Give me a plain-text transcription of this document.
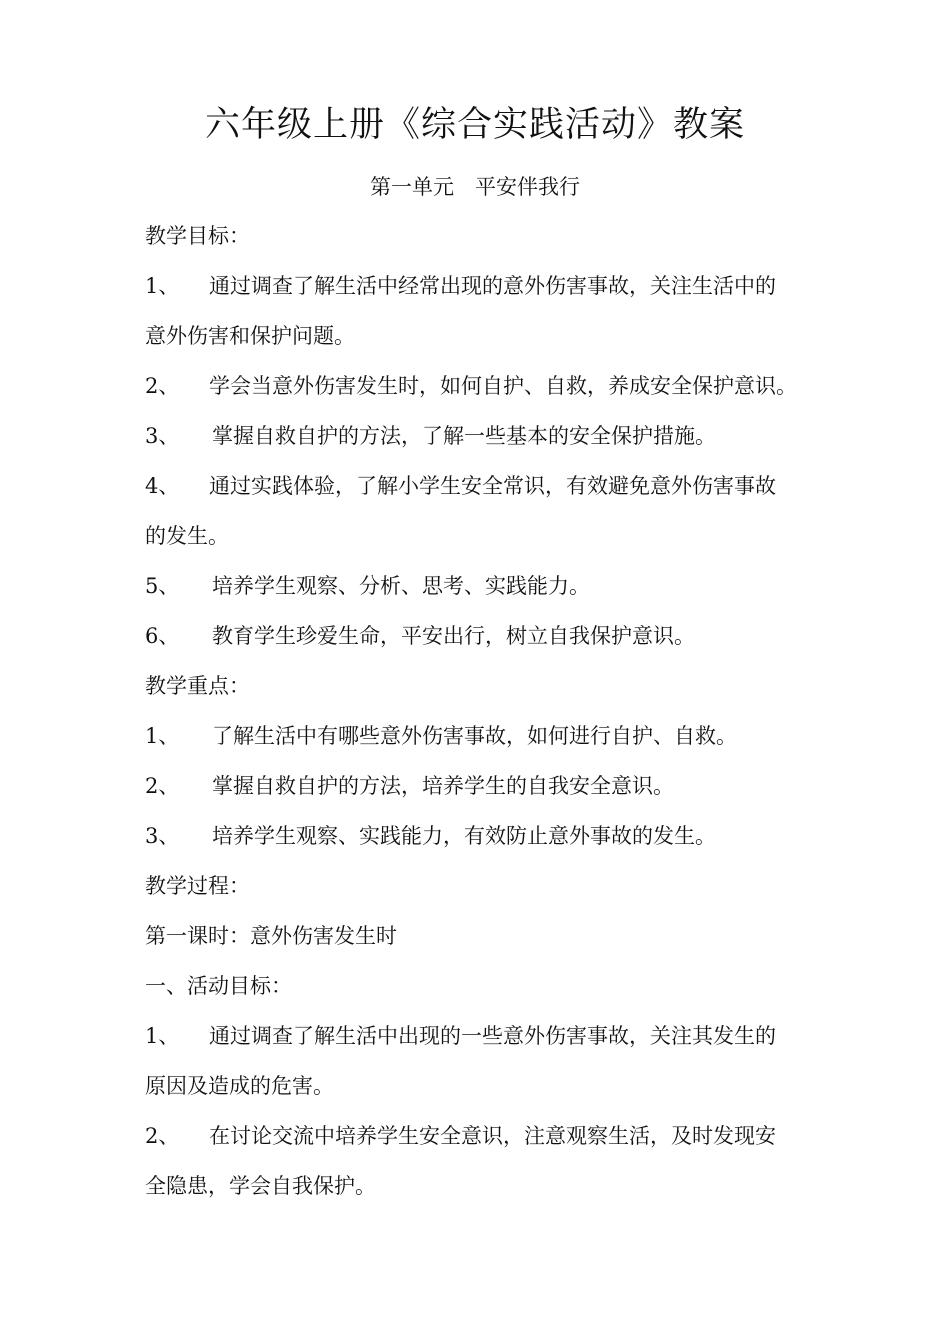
六年级上册《综合实践活动》教案
第一单元　平安伴我行
教学目标：
1、 通过调查了解生活中经常出现的意外伤害事故，关注生活中的
意外伤害和保护问题。
2、 学会当意外伤害发生时，如何自护、自救，养成安全保护意识。
3、 掌握自救自护的方法，了解一些基本的安全保护措施。
4、 通过实践体验，了解小学生安全常识，有效避免意外伤害事故
的发生。
5、 培养学生观察、分析、思考、实践能力。
6、 教育学生珍爱生命，平安出行，树立自我保护意识。
教学重点：
1、 了解生活中有哪些意外伤害事故，如何进行自护、自救。
2、 掌握自救自护的方法，培养学生的自我安全意识。
3、 培养学生观察、实践能力，有效防止意外事故的发生。
教学过程：
第一课时：意外伤害发生时
一、活动目标：
1、 通过调查了解生活中出现的一些意外伤害事故，关注其发生的
原因及造成的危害。
2、 在讨论交流中培养学生安全意识，注意观察生活，及时发现安
全隐患，学会自我保护。
